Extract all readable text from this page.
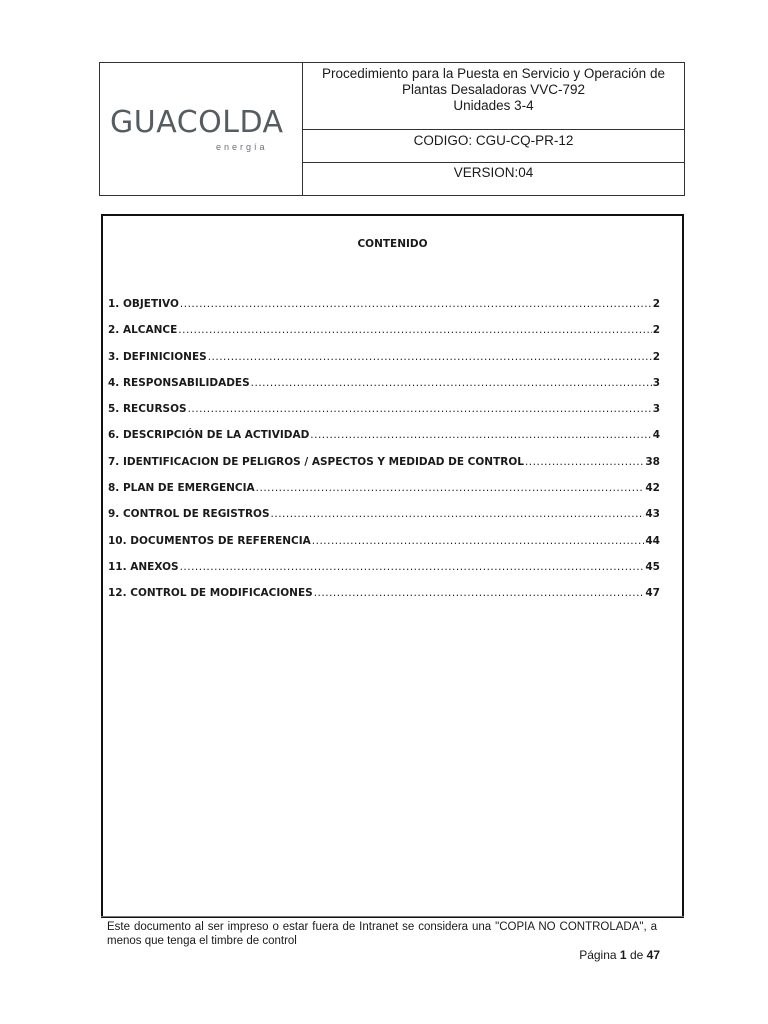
GUACOLDA
energía
Procedimiento para la Puesta en Servicio y Operación de
Plantas Desaladoras VVC-792
Unidades 3-4
CODIGO: CGU-CQ-PR-12
VERSION:04
CONTENIDO
1. OBJETIVO .....	2
2. ALCANCE .....	2
3. DEFINICIONES .....	2
4. RESPONSABILIDADES .....	3
5. RECURSOS .....	3
6. DESCRIPCIÓN DE LA ACTIVIDAD .....	4
7. IDENTIFICACION DE PELIGROS / ASPECTOS Y MEDIDAD DE CONTROL .....	38
8. PLAN DE EMERGENCIA .....	42
9. CONTROL DE REGISTROS .....	43
10. DOCUMENTOS DE REFERENCIA .....	44
11. ANEXOS .....	45
12. CONTROL DE MODIFICACIONES .....	47
Este documento al ser impreso o estar fuera de Intranet se considera una "COPIA NO CONTROLADA", a menos que tenga el timbre de control
Página 1 de 47
